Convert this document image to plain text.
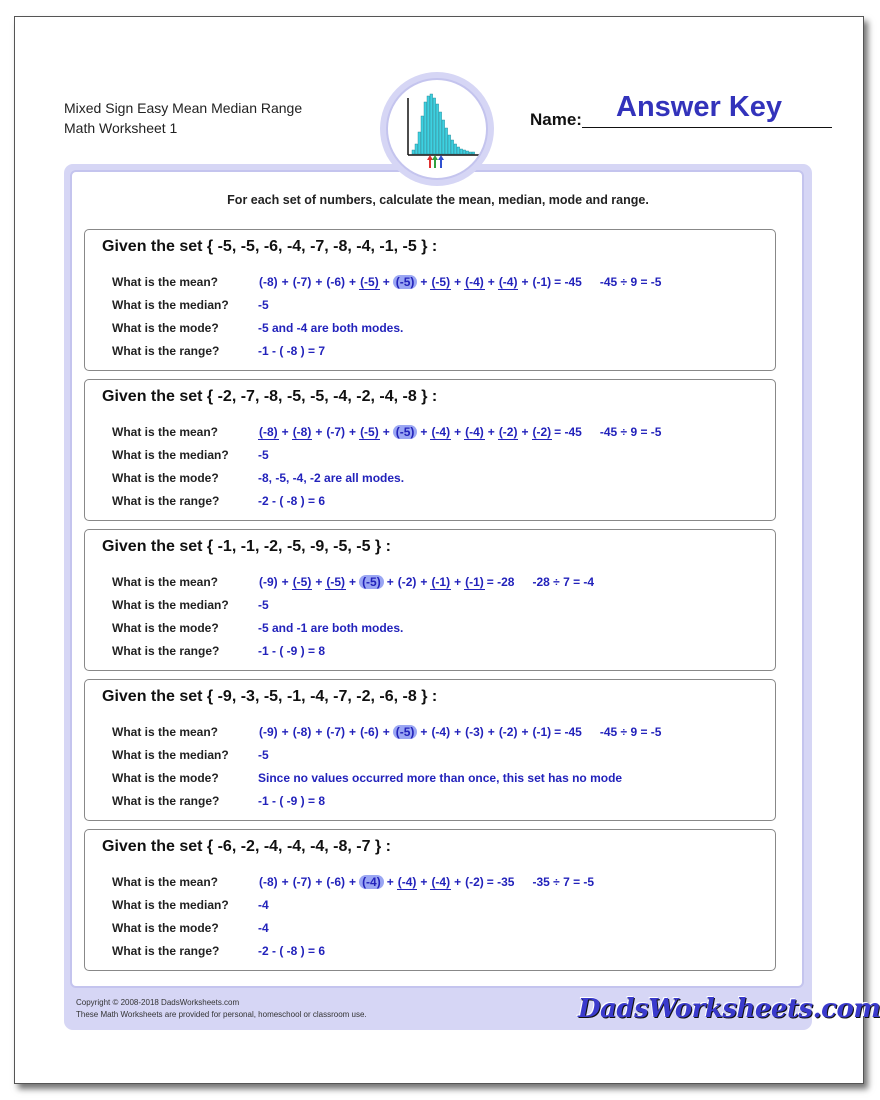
Mixed Sign Easy Mean Median Range
Math Worksheet 1
Answer Key
Name:
For each set of numbers, calculate the mean, median, mode and range.
Given the set { -5, -5, -6, -4, -7, -8, -4, -1, -5 } :
What is the mean?	(-8) + (-7) + (-6) + (-5) + (-5) + (-5) + (-4) + (-4) + (-1) = -45 -45 ÷ 9 = -5
What is the median? -5
What is the mode?	-5 and -4 are both modes.
What is the range?	-1 - ( -8 ) = 7
Given the set { -2, -7, -8, -5, -5, -4, -2, -4, -8 } :
What is the mean?	(-8) + (-8) + (-7) + (-5) + (-5) + (-4) + (-4) + (-2) + (-2) = -45 -45 ÷ 9 = -5
What is the median? -5
What is the mode?	-8, -5, -4, -2 are all modes.
What is the range?	-2 - ( -8 ) = 6
Given the set { -1, -1, -2, -5, -9, -5, -5 } :
What is the mean?	(-9) + (-5) + (-5) + (-5) + (-2) + (-1) + (-1) = -28 -28 ÷ 7 = -4
What is the median? -5
What is the mode?	-5 and -1 are both modes.
What is the range?	-1 - ( -9 ) = 8
Given the set { -9, -3, -5, -1, -4, -7, -2, -6, -8 } :
What is the mean?	(-9) + (-8) + (-7) + (-6) + (-5) + (-4) + (-3) + (-2) + (-1) = -45 -45 ÷ 9 = -5
What is the median? -5
What is the mode?	Since no values occurred more than once, this set has no mode
What is the range?	-1 - ( -9 ) = 8
Given the set { -6, -2, -4, -4, -4, -8, -7 } :
What is the mean?	(-8) + (-7) + (-6) + (-4) + (-4) + (-4) + (-2) = -35 -35 ÷ 7 = -5
What is the median? -4
What is the mode?	-4
What is the range?	-2 - ( -8 ) = 6
Copyright © 2008-2018 DadsWorksheets.com
These Math Worksheets are provided for personal, homeschool or classroom use.	DadsWorksheets.com
